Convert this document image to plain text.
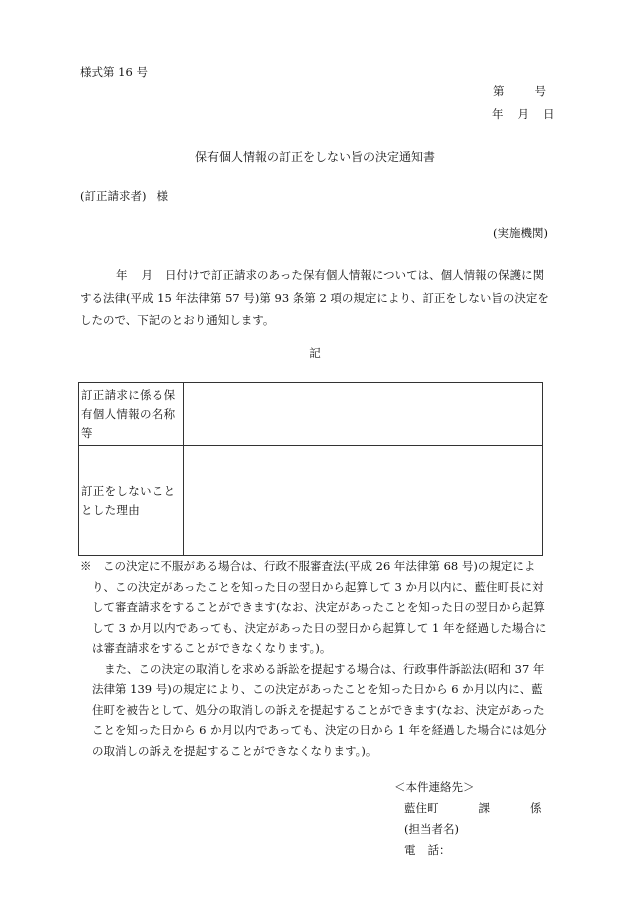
様式第 16 号
第	号
年 月 日
保有個人情報の訂正をしない旨の決定通知書
(訂正請求者) 様
(実施機関)
年 月 日付けで訂正請求のあった保有個人情報については、個人情報の保護に関する法律(平成 15 年法律第 57 号)第 93 条第 2 項の規定により、訂正をしない旨の決定をしたので、下記のとおり通知します。
記
訂正請求に係る保有個人情報の名称等	
訂正をしないこととした理由	
※　この決定に不服がある場合は、行政不服審査法(平成 26 年法律第 68 号)の規定により、この決定があったことを知った日の翌日から起算して 3 か月以内に、藍住町長に対して審査請求をすることができます(なお、決定があったことを知った日の翌日から起算して 3 か月以内であっても、決定があった日の翌日から起算して 1 年を経過した場合には審査請求をすることができなくなります。)。
また、この決定の取消しを求める訴訟を提起する場合は、行政事件訴訟法(昭和 37 年法律第 139 号)の規定により、この決定があったことを知った日から 6 か月以内に、藍住町を被告として、処分の取消しの訴えを提起することができます(なお、決定があったことを知った日から 6 か月以内であっても、決定の日から 1 年を経過した場合には処分の取消しの訴えを提起することができなくなります。)。
＜本件連絡先＞
藍住町	課	係
(担当者名)
電 話：
